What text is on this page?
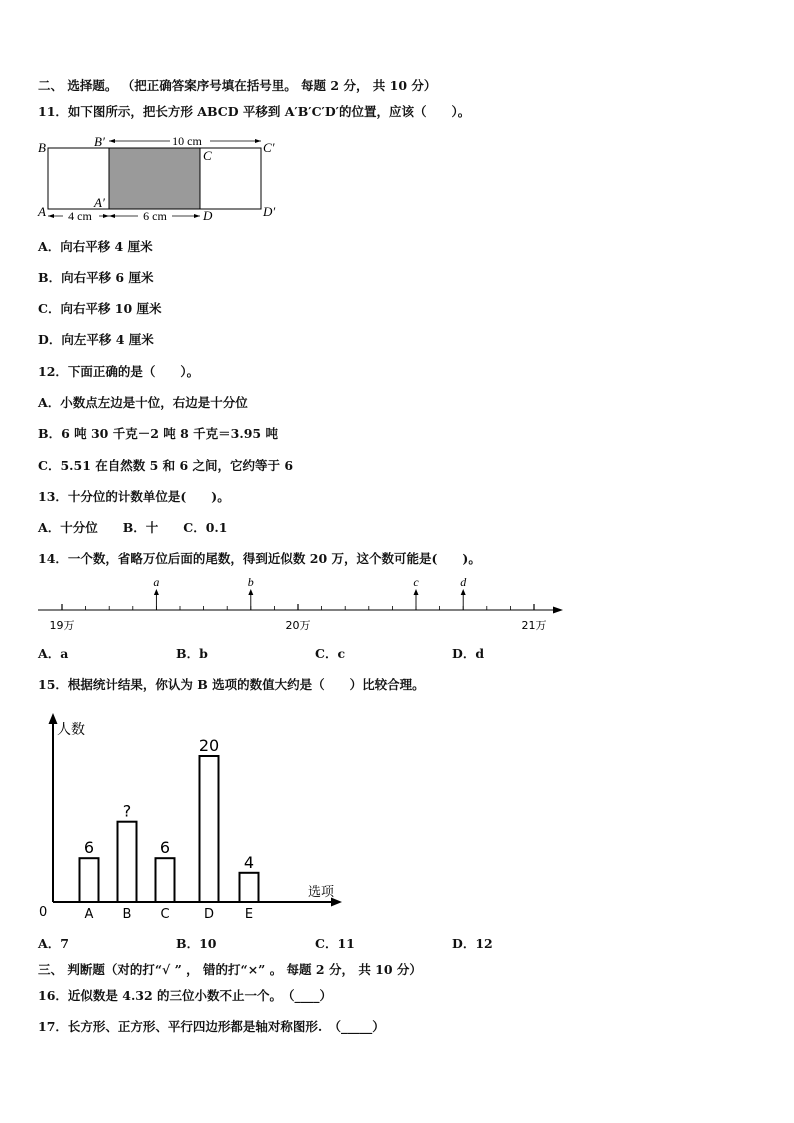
二、 选择题。 （把正确答案序号填在括号里。 每题 2 分， 共 10 分）
11．如下图所示，把长方形 ABCD 平移到 A′B′C′D′的位置，应该（　　）。
10 cm
4 cm	6 cm
B	B′
C
C′
A
A′
D	D′
A．向右平移 4 厘米
B．向右平移 6 厘米
C．向右平移 10 厘米
D．向左平移 4 厘米
12．下面正确的是（　　）。
A．小数点左边是十位，右边是十分位
B．6 吨 30 千克－2 吨 8 千克＝3.95 吨
C．5.51 在自然数 5 和 6 之间，它约等于 6
13．十分位的计数单位是(　　)。
A．十分位　　B．十　　C．0.1
14．一个数，省略万位后面的尾数，得到近似数 20 万，这个数可能是(　　)。
19万	20万	21万
a	b	c	d
A．a	B．b	C．c	D．d
15．根据统计结果，你认为 B 选项的数值大约是（　　）比较合理。
人数
选项
0
6
A
?
B
6
C
20
D
4
E
A．7	B．10	C．11	D．12
三、 判断题（对的打“√ ” ， 错的打“×” 。 每题 2 分， 共 10 分）
16．近似数是 4.32 的三位小数不止一个。　（____）
17．长方形、正方形、平行四边形都是轴对称图形.　（_____）
